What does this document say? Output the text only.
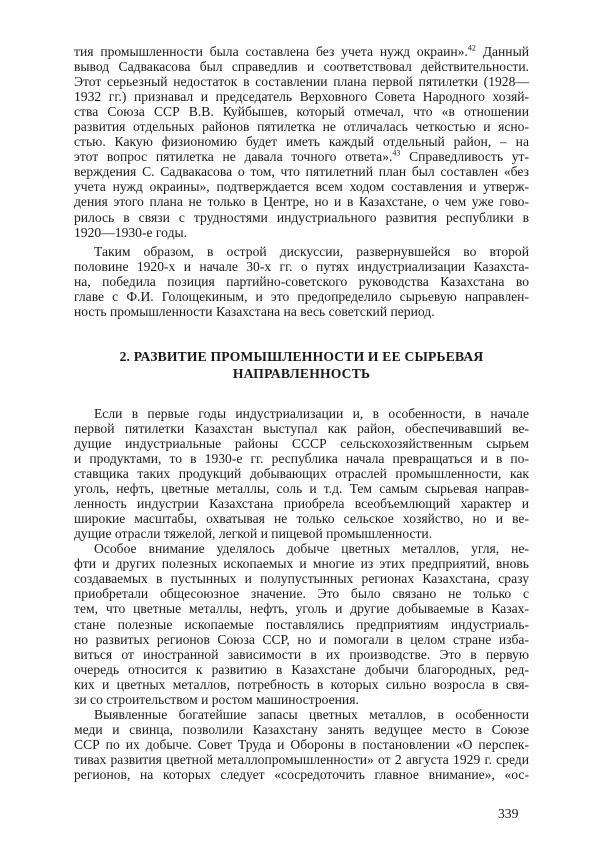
тия промышленности была составлена без учета нужд окраин».$^{42}$ Данный
вывод Садвакасова был справедлив и соответствовал действительности.
Этот серьезный недостаток в составлении плана первой пятилетки (1928—
1932 гг.) признавал и председатель Верховного Совета Народного хозяй-
ства Союза ССР В.В. Куйбышев, который отмечал, что «в отношении
развития отдельных районов пятилетка не отличалась четкостью и ясно-
стью. Какую физиономию будет иметь каждый отдельный район, – на
этот вопрос пятилетка не давала точного ответа».$^{43}$ Справедливость ут-
верждения С. Садвакасова о том, что пятилетний план был составлен «без
учета нужд окраины», подтверждается всем ходом составления и утверж-
дения этого плана не только в Центре, но и в Казахстане, о чем уже гово-
рилось в связи с трудностями индустриального развития республики в
1920—1930-е годы.
Таким образом, в острой дискуссии, развернувшейся во второй
половине 1920-х и начале 30-х гг. о путях индустриализации Казахста-
на, победила позиция партийно-советского руководства Казахстана во
главе с Ф.И. Голощекиным, и это предопределило сырьевую направлен-
ность промышленности Казахстана на весь советский период.
2. РАЗВИТИЕ ПРОМЫШЛЕННОСТИ И ЕЕ СЫРЬЕВАЯ
НАПРАВЛЕННОСТЬ
Если в первые годы индустриализации и, в особенности, в начале
первой пятилетки Казахстан выступал как район, обеспечивавший ве-
дущие индустриальные районы СССР сельскохозяйственным сырьем
и продуктами, то в 1930-е гг. республика начала превращаться и в по-
ставщика таких продукций добывающих отраслей промышленности, как
уголь, нефть, цветные металлы, соль и т.д. Тем самым сырьевая направ-
ленность индустрии Казахстана приобрела всеобъемлющий характер и
широкие масштабы, охватывая не только сельское хозяйство, но и ве-
дущие отрасли тяжелой, легкой и пищевой промышленности.
Особое внимание уделялось добыче цветных металлов, угля, не-
фти и других полезных ископаемых и многие из этих предприятий, вновь
создаваемых в пустынных и полупустынных регионах Казахстана, сразу
приобретали общесоюзное значение. Это было связано не только с
тем, что цветные металлы, нефть, уголь и другие добываемые в Казах-
стане полезные ископаемые поставлялись предприятиям индустриаль-
но развитых регионов Союза ССР, но и помогали в целом стране изба-
виться от иностранной зависимости в их производстве. Это в первую
очередь относится к развитию в Казахстане добычи благородных, ред-
ких и цветных металлов, потребность в которых сильно возросла в свя-
зи со строительством и ростом машиностроения.
Выявленные богатейшие запасы цветных металлов, в особенности
меди и свинца, позволили Казахстану занять ведущее место в Союзе
ССР по их добыче. Совет Труда и Обороны в постановлении «О перспек-
тивах развития цветной металлопромышленности» от 2 августа 1929 г. среди
регионов, на которых следует «сосредоточить главное внимание», «ос-
339
